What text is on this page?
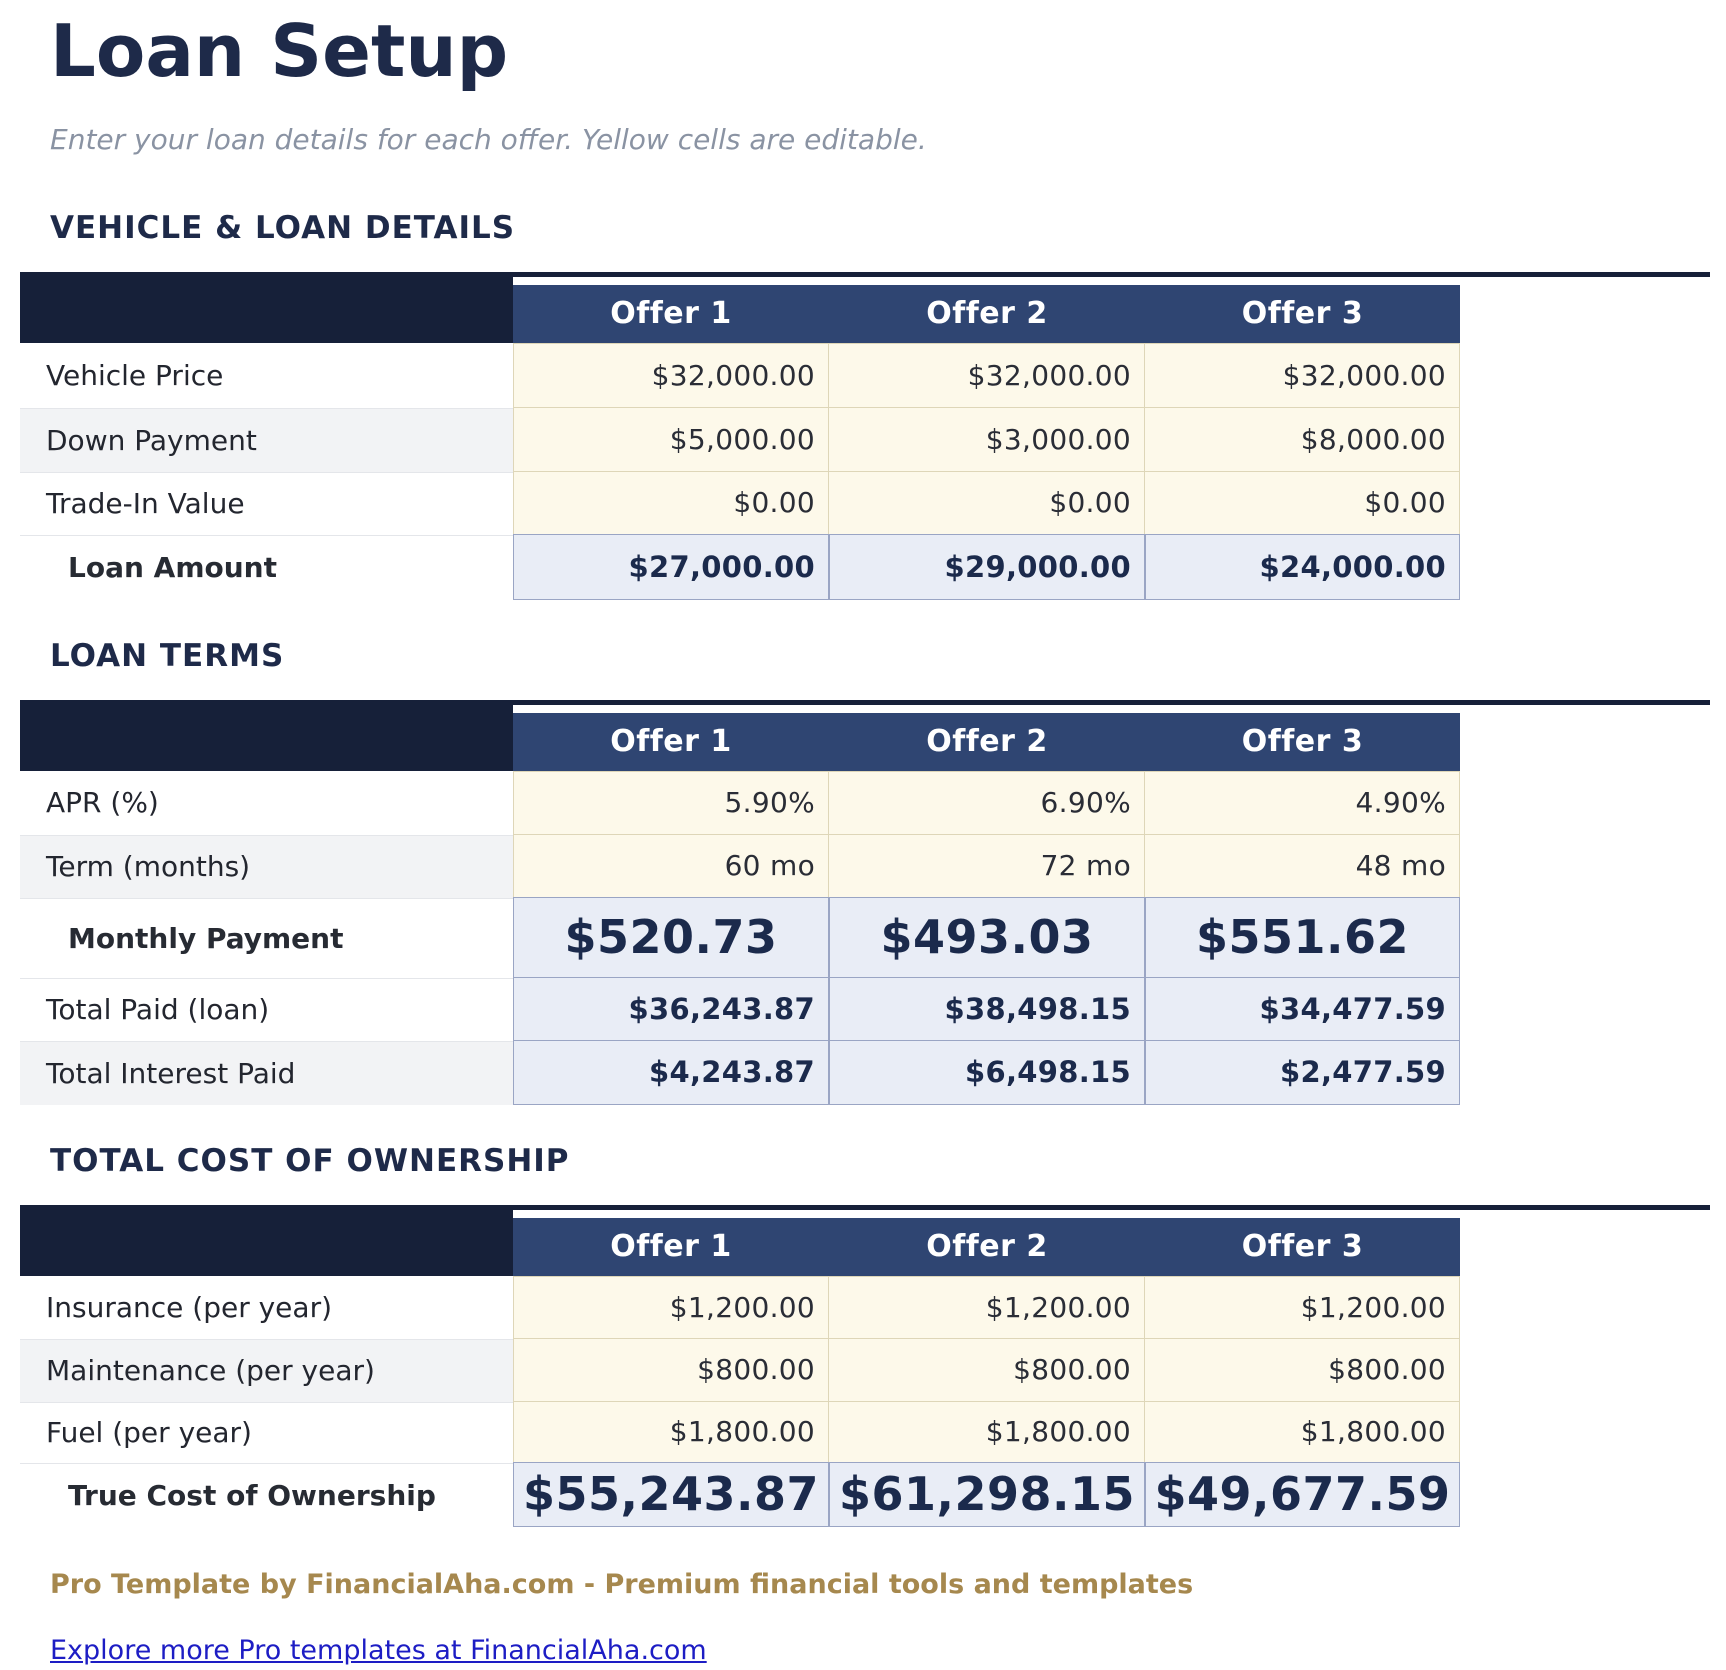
Loan Setup
Enter your loan details for each offer. Yellow cells are editable.
VEHICLE & LOAN DETAILS
Offer 1	Offer 2	Offer 3
Vehicle Price	$32,000.00	$32,000.00	$32,000.00
Down Payment	$5,000.00	$3,000.00	$8,000.00
Trade-In Value	$0.00	$0.00	$0.00
Loan Amount	$27,000.00	$29,000.00	$24,000.00
LOAN TERMS
Offer 1	Offer 2	Offer 3
APR (%)	5.90%	6.90%	4.90%
Term (months)	60 mo	72 mo	48 mo
Monthly Payment	$520.73	$493.03	$551.62
Total Paid (loan)	$36,243.87	$38,498.15	$34,477.59
Total Interest Paid	$4,243.87	$6,498.15	$2,477.59
TOTAL COST OF OWNERSHIP
Offer 1	Offer 2	Offer 3
Insurance (per year)	$1,200.00	$1,200.00	$1,200.00
Maintenance (per year)	$800.00	$800.00	$800.00
Fuel (per year)	$1,800.00	$1,800.00	$1,800.00
True Cost of Ownership	$55,243.87 $61,298.15 $49,677.59
Pro Template by FinancialAha.com - Premium financial tools and templates

Explore more Pro templates at FinancialAha.com
